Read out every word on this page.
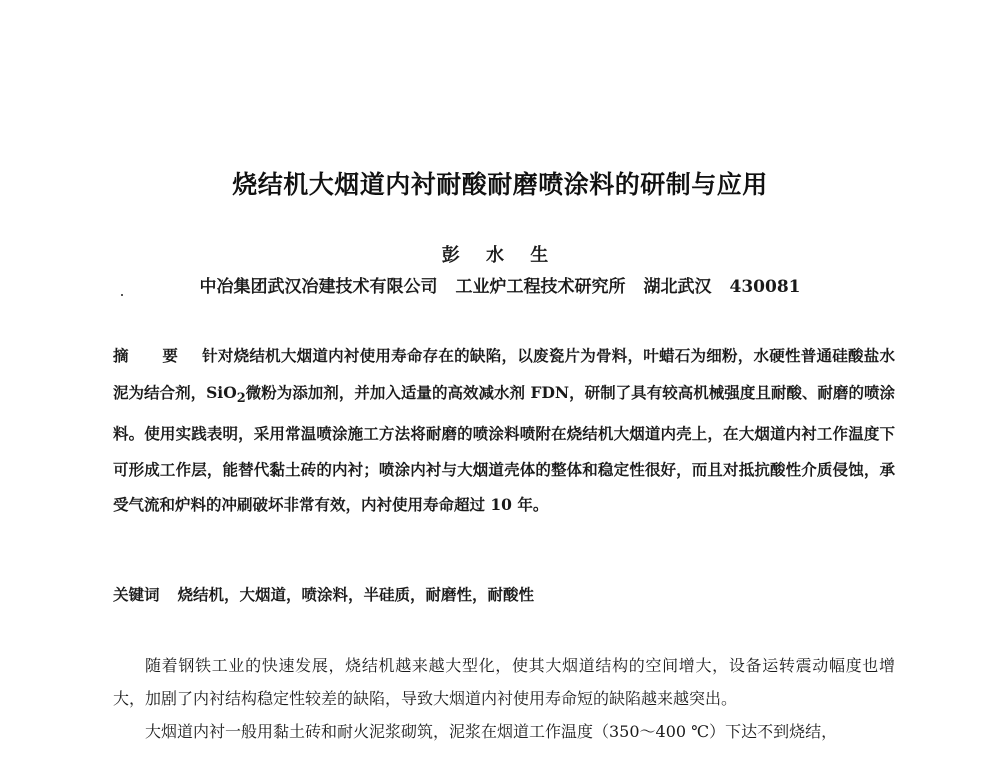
烧结机大烟道内衬耐酸耐磨喷涂料的研制与应用
彭 水 生
中冶集团武汉冶建技术有限公司 工业炉工程技术研究所 湖北武汉 430081
摘 要 针对烧结机大烟道内衬使用寿命存在的缺陷，以废瓷片为骨料，叶蜡石为细粉，水硬性普通硅酸盐水泥为结合剂，SiO$_2$微粉为添加剂，并加入适量的高效减水剂 FDN，研制了具有较高机械强度且耐酸、耐磨的喷涂料。使用实践表明，采用常温喷涂施工方法将耐磨的喷涂料喷附在烧结机大烟道内壳上，在大烟道内衬工作温度下可形成工作层，能替代黏土砖的内衬；喷涂内衬与大烟道壳体的整体和稳定性很好，而且对抵抗酸性介质侵蚀，承受气流和炉料的冲刷破坏非常有效，内衬使用寿命超过 10 年。
关键词 烧结机，大烟道，喷涂料，半硅质，耐磨性，耐酸性

随着钢铁工业的快速发展，烧结机越来越大型化，使其大烟道结构的空间增大，设备运转震动幅度也增大，加剧了内衬结构稳定性较差的缺陷，导致大烟道内衬使用寿命短的缺陷越来越突出。

大烟道内衬一般用黏土砖和耐火泥浆砌筑，泥浆在烟道工作温度（350～400 ℃）下达不到烧结，
